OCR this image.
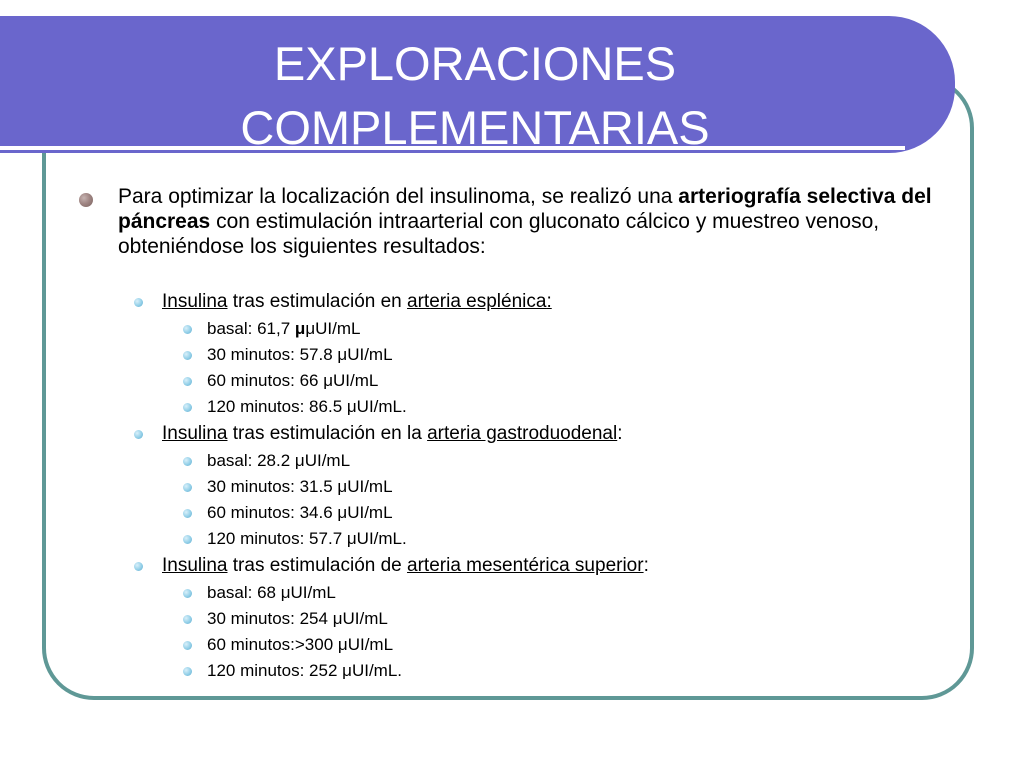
EXPLORACIONES
COMPLEMENTARIAS
Para optimizar la localización del insulinoma, se realizó una arteriografía selectiva del páncreas con estimulación intraarterial con gluconato cálcico y muestreo venoso, obteniéndose los siguientes resultados:
Insulina tras estimulación en arteria esplénica:
basal: 61,7 μμUI/mL
30 minutos: 57.8 μUI/mL
60 minutos: 66 μUI/mL
120 minutos: 86.5 μUI/mL.
Insulina tras estimulación en la arteria gastroduodenal:
basal: 28.2 μUI/mL
30 minutos: 31.5 μUI/mL
60 minutos: 34.6 μUI/mL
120 minutos: 57.7 μUI/mL.
Insulina tras estimulación de arteria mesentérica superior:
basal: 68 μUI/mL
30 minutos: 254 μUI/mL
60 minutos:>300 μUI/mL
120 minutos: 252 μUI/mL.
